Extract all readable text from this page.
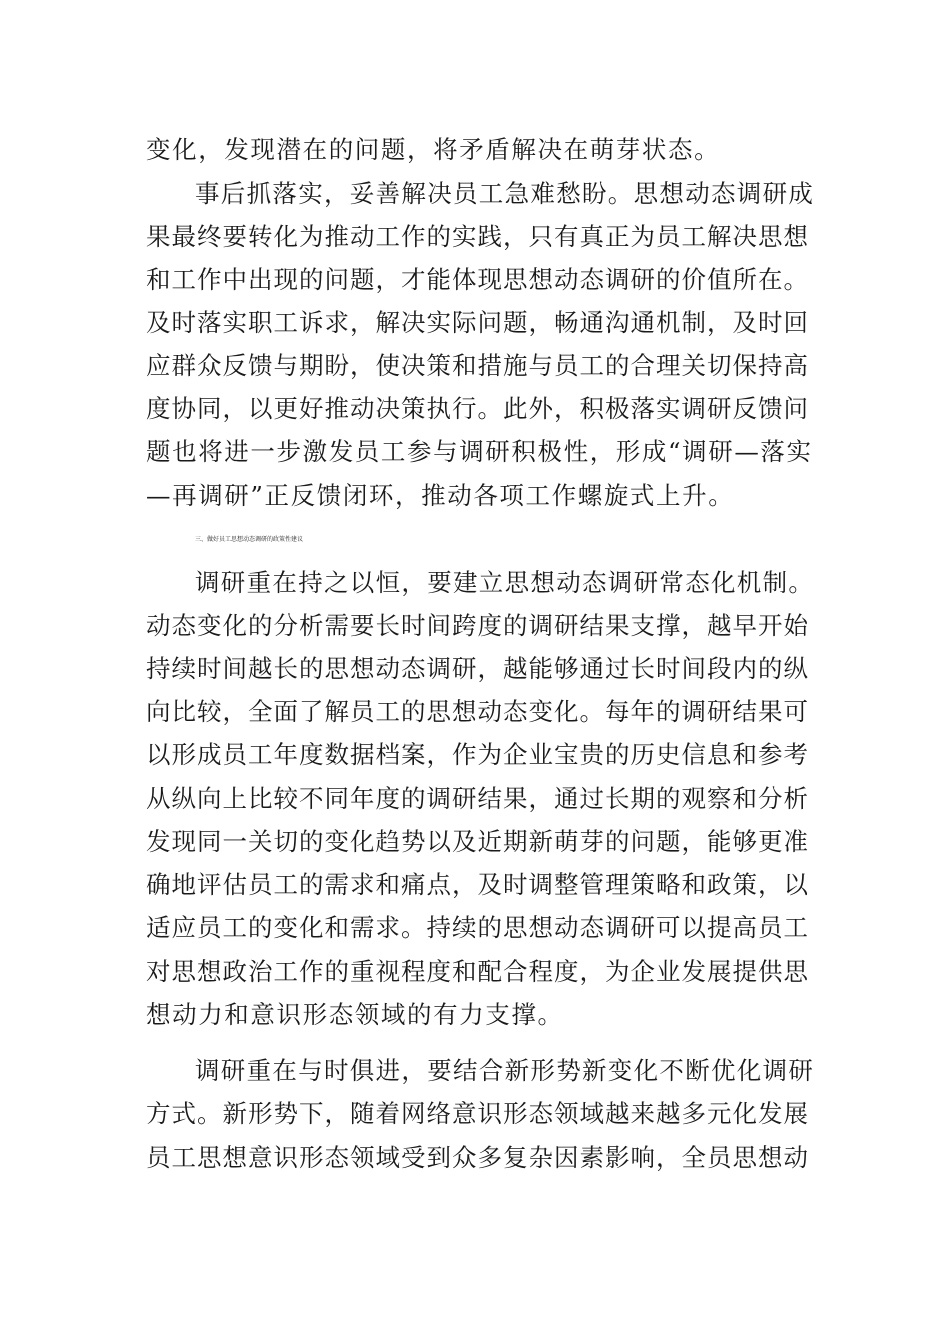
变化，发现潜在的问题，将矛盾解决在萌芽状态。
事后抓落实，妥善解决员工急难愁盼。思想动态调研成
果最终要转化为推动工作的实践，只有真正为员工解决思想
和工作中出现的问题，才能体现思想动态调研的价值所在。
及时落实职工诉求，解决实际问题，畅通沟通机制，及时回
应群众反馈与期盼，使决策和措施与员工的合理关切保持高
度协同，以更好推动决策执行。此外，积极落实调研反馈问
题也将进一步激发员工参与调研积极性，形成“调研—落实
—再调研”正反馈闭环，推动各项工作螺旋式上升。
三、做好员工思想动态调研的政策性建议
调研重在持之以恒，要建立思想动态调研常态化机制。
动态变化的分析需要长时间跨度的调研结果支撑，越早开始
持续时间越长的思想动态调研，越能够通过长时间段内的纵
向比较，全面了解员工的思想动态变化。每年的调研结果可
以形成员工年度数据档案，作为企业宝贵的历史信息和参考
从纵向上比较不同年度的调研结果，通过长期的观察和分析
发现同一关切的变化趋势以及近期新萌芽的问题，能够更准
确地评估员工的需求和痛点，及时调整管理策略和政策，以
适应员工的变化和需求。持续的思想动态调研可以提高员工
对思想政治工作的重视程度和配合程度，为企业发展提供思
想动力和意识形态领域的有力支撑。
调研重在与时俱进，要结合新形势新变化不断优化调研
方式。新形势下，随着网络意识形态领域越来越多元化发展
员工思想意识形态领域受到众多复杂因素影响，全员思想动
